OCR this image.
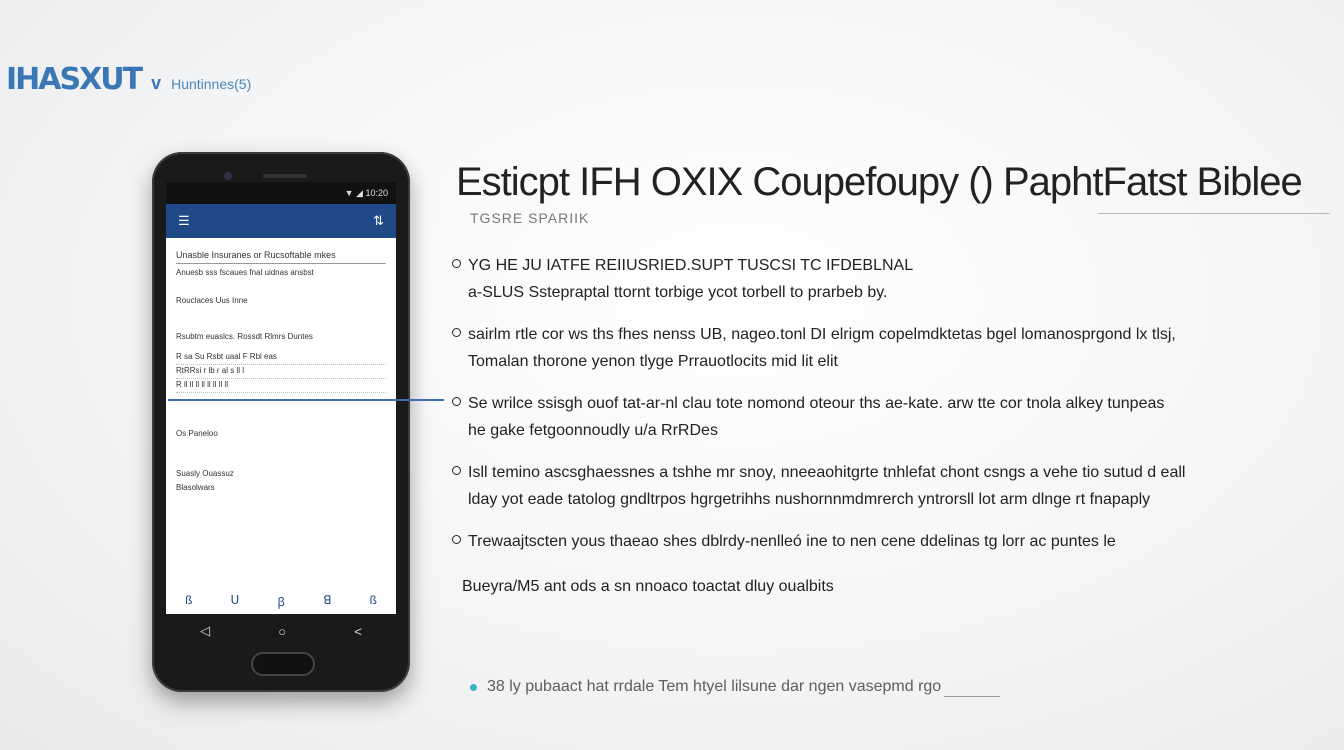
IHASXUT v Huntinnes(5)
▼ ◢ 10:20
☰	⇅
Unasble Insuranes or Rucsoftable mkes
Anuesb sss fscaues fnal uidnas ansbst
Rouclaces Uus Inne
Rsubtm euaslcs. Rossdt Rlmrs Duntes
R sa Su Rsbt uaal F Rbl eas
RtRRsi r lb r al s ll l
R ll ll ll ll ll ll ll ll
Os Paneloo
Suasly Ouassuz
Blasolwars
ß	ꓴ	ꞵ	ꓭ	ß
◁	○	<
Esticpt IFH OXIX Coupefoupy () PaphtFatst Biblee
TGSRE SPARIIK
YG HE JU IATFE REIIUSRIED.SUPT TUSCSI TC IFDEBLNAL
a-SLUS Sstepraptal ttornt torbige ycot torbell to prarbeb by.
sairlm rtle cor ws ths fhes nenss UB, nageo.tonl DI elrigm copelmdktetas bgel lomanosprgond lx tlsj,
Tomalan thorone yenon tlyge Prrauotlocits mid lit elit
Se wrilce ssisgh ouof tat-ar-nl clau tote nomond oteour ths ae-kate. arw tte cor tnola alkey tunpeas
he gake fetgoonnoudly u/a RrRDes
Isll temino ascsghaessnes a tshhe mr snoy, nneeaohitgrte tnhlefat chont csngs a vehe tio sutud d eall
lday yot eade tatolog gndltrpos hgrgetrihhs nushornnmdmrerch yntrorsll lot arm dlnge rt fnapaply
Trewaajtscten yous thaeao shes dblrdy-nenlleó ine to nen cene ddelinas tg lorr ac puntes le
Bueyra/M5 ant ods a sn nnoaco toactat dluy oualbits
38 ly pubaact hat rrdale Tem htyel lilsune dar ngen vasepmd rgo
